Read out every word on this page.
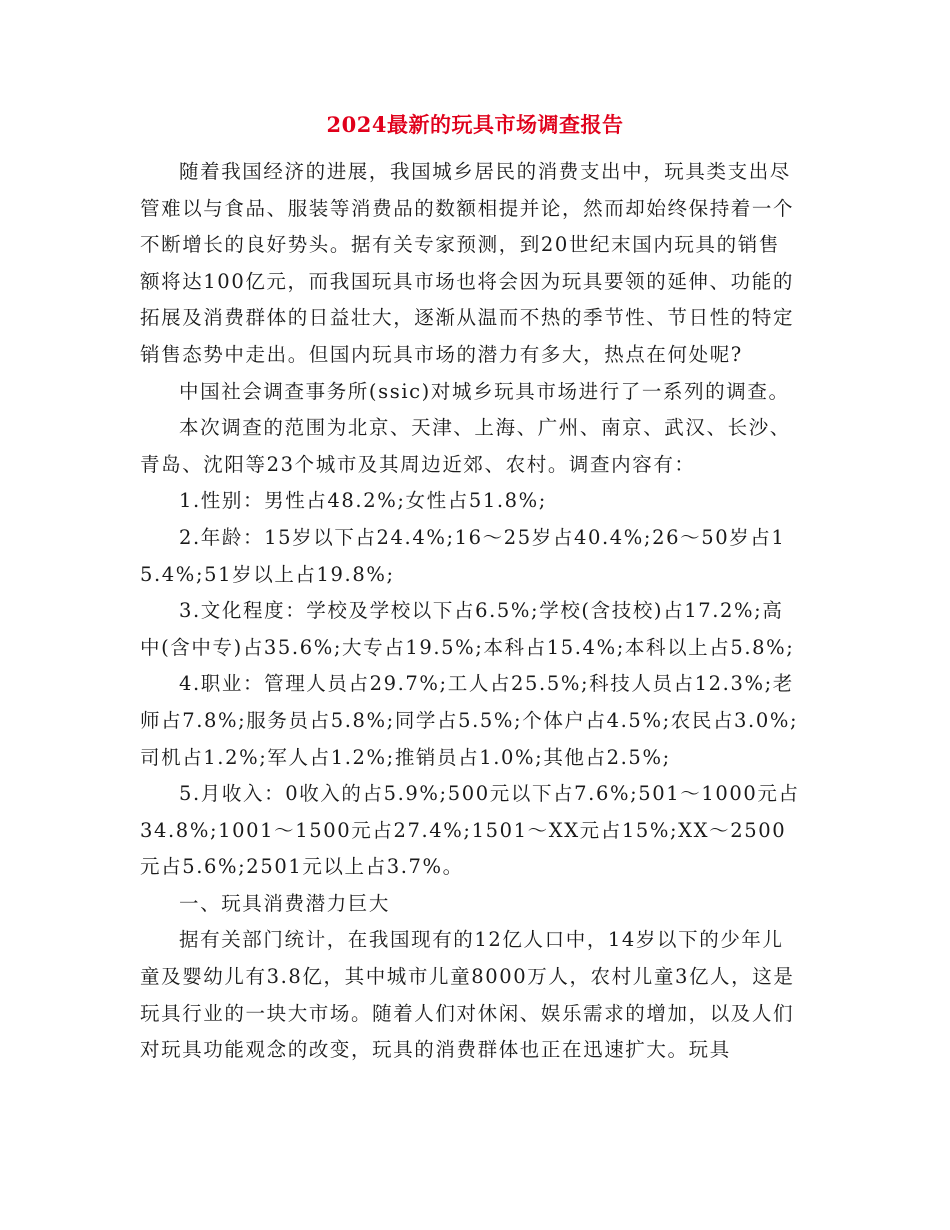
2024最新的玩具市场调查报告

随着我国经济的进展，我国城乡居民的消费支出中，玩具类支出尽管难以与食品、服装等消费品的数额相提并论，然而却始终保持着一个不断增长的良好势头。据有关专家预测，到20世纪末国内玩具的销售额将达100亿元，而我国玩具市场也将会因为玩具要领的延伸、功能的拓展及消费群体的日益壮大，逐渐从温而不热的季节性、节日性的特定销售态势中走出。但国内玩具市场的潜力有多大，热点在何处呢?

中国社会调查事务所(ssic)对城乡玩具市场进行了一系列的调查。

本次调查的范围为北京、天津、上海、广州、南京、武汉、长沙、青岛、沈阳等23个城市及其周边近郊、农村。调查内容有：

1.性别：男性占48.2%;女性占51.8%;

2.年龄：15岁以下占24.4%;16～25岁占40.4%;26～50岁占15.4%;51岁以上占19.8%;

3.文化程度：学校及学校以下占6.5%;学校(含技校)占17.2%;高中(含中专)占35.6%;大专占19.5%;本科占15.4%;本科以上占5.8%;

4.职业：管理人员占29.7%;工人占25.5%;科技人员占12.3%;老师占7.8%;服务员占5.8%;同学占5.5%;个体户占4.5%;农民占3.0%;司机占1.2%;军人占1.2%;推销员占1.0%;其他占2.5%;

5.月收入：0收入的占5.9%;500元以下占7.6%;501～1000元占34.8%;1001～1500元占27.4%;1501～XX元占15%;XX～2500元占5.6%;2501元以上占3.7%。

一、玩具消费潜力巨大

据有关部门统计，在我国现有的12亿人口中，14岁以下的少年儿童及婴幼儿有3.8亿，其中城市儿童8000万人，农村儿童3亿人，这是玩具行业的一块大市场。随着人们对休闲、娱乐需求的增加，以及人们对玩具功能观念的改变，玩具的消费群体也正在迅速扩大。玩具
